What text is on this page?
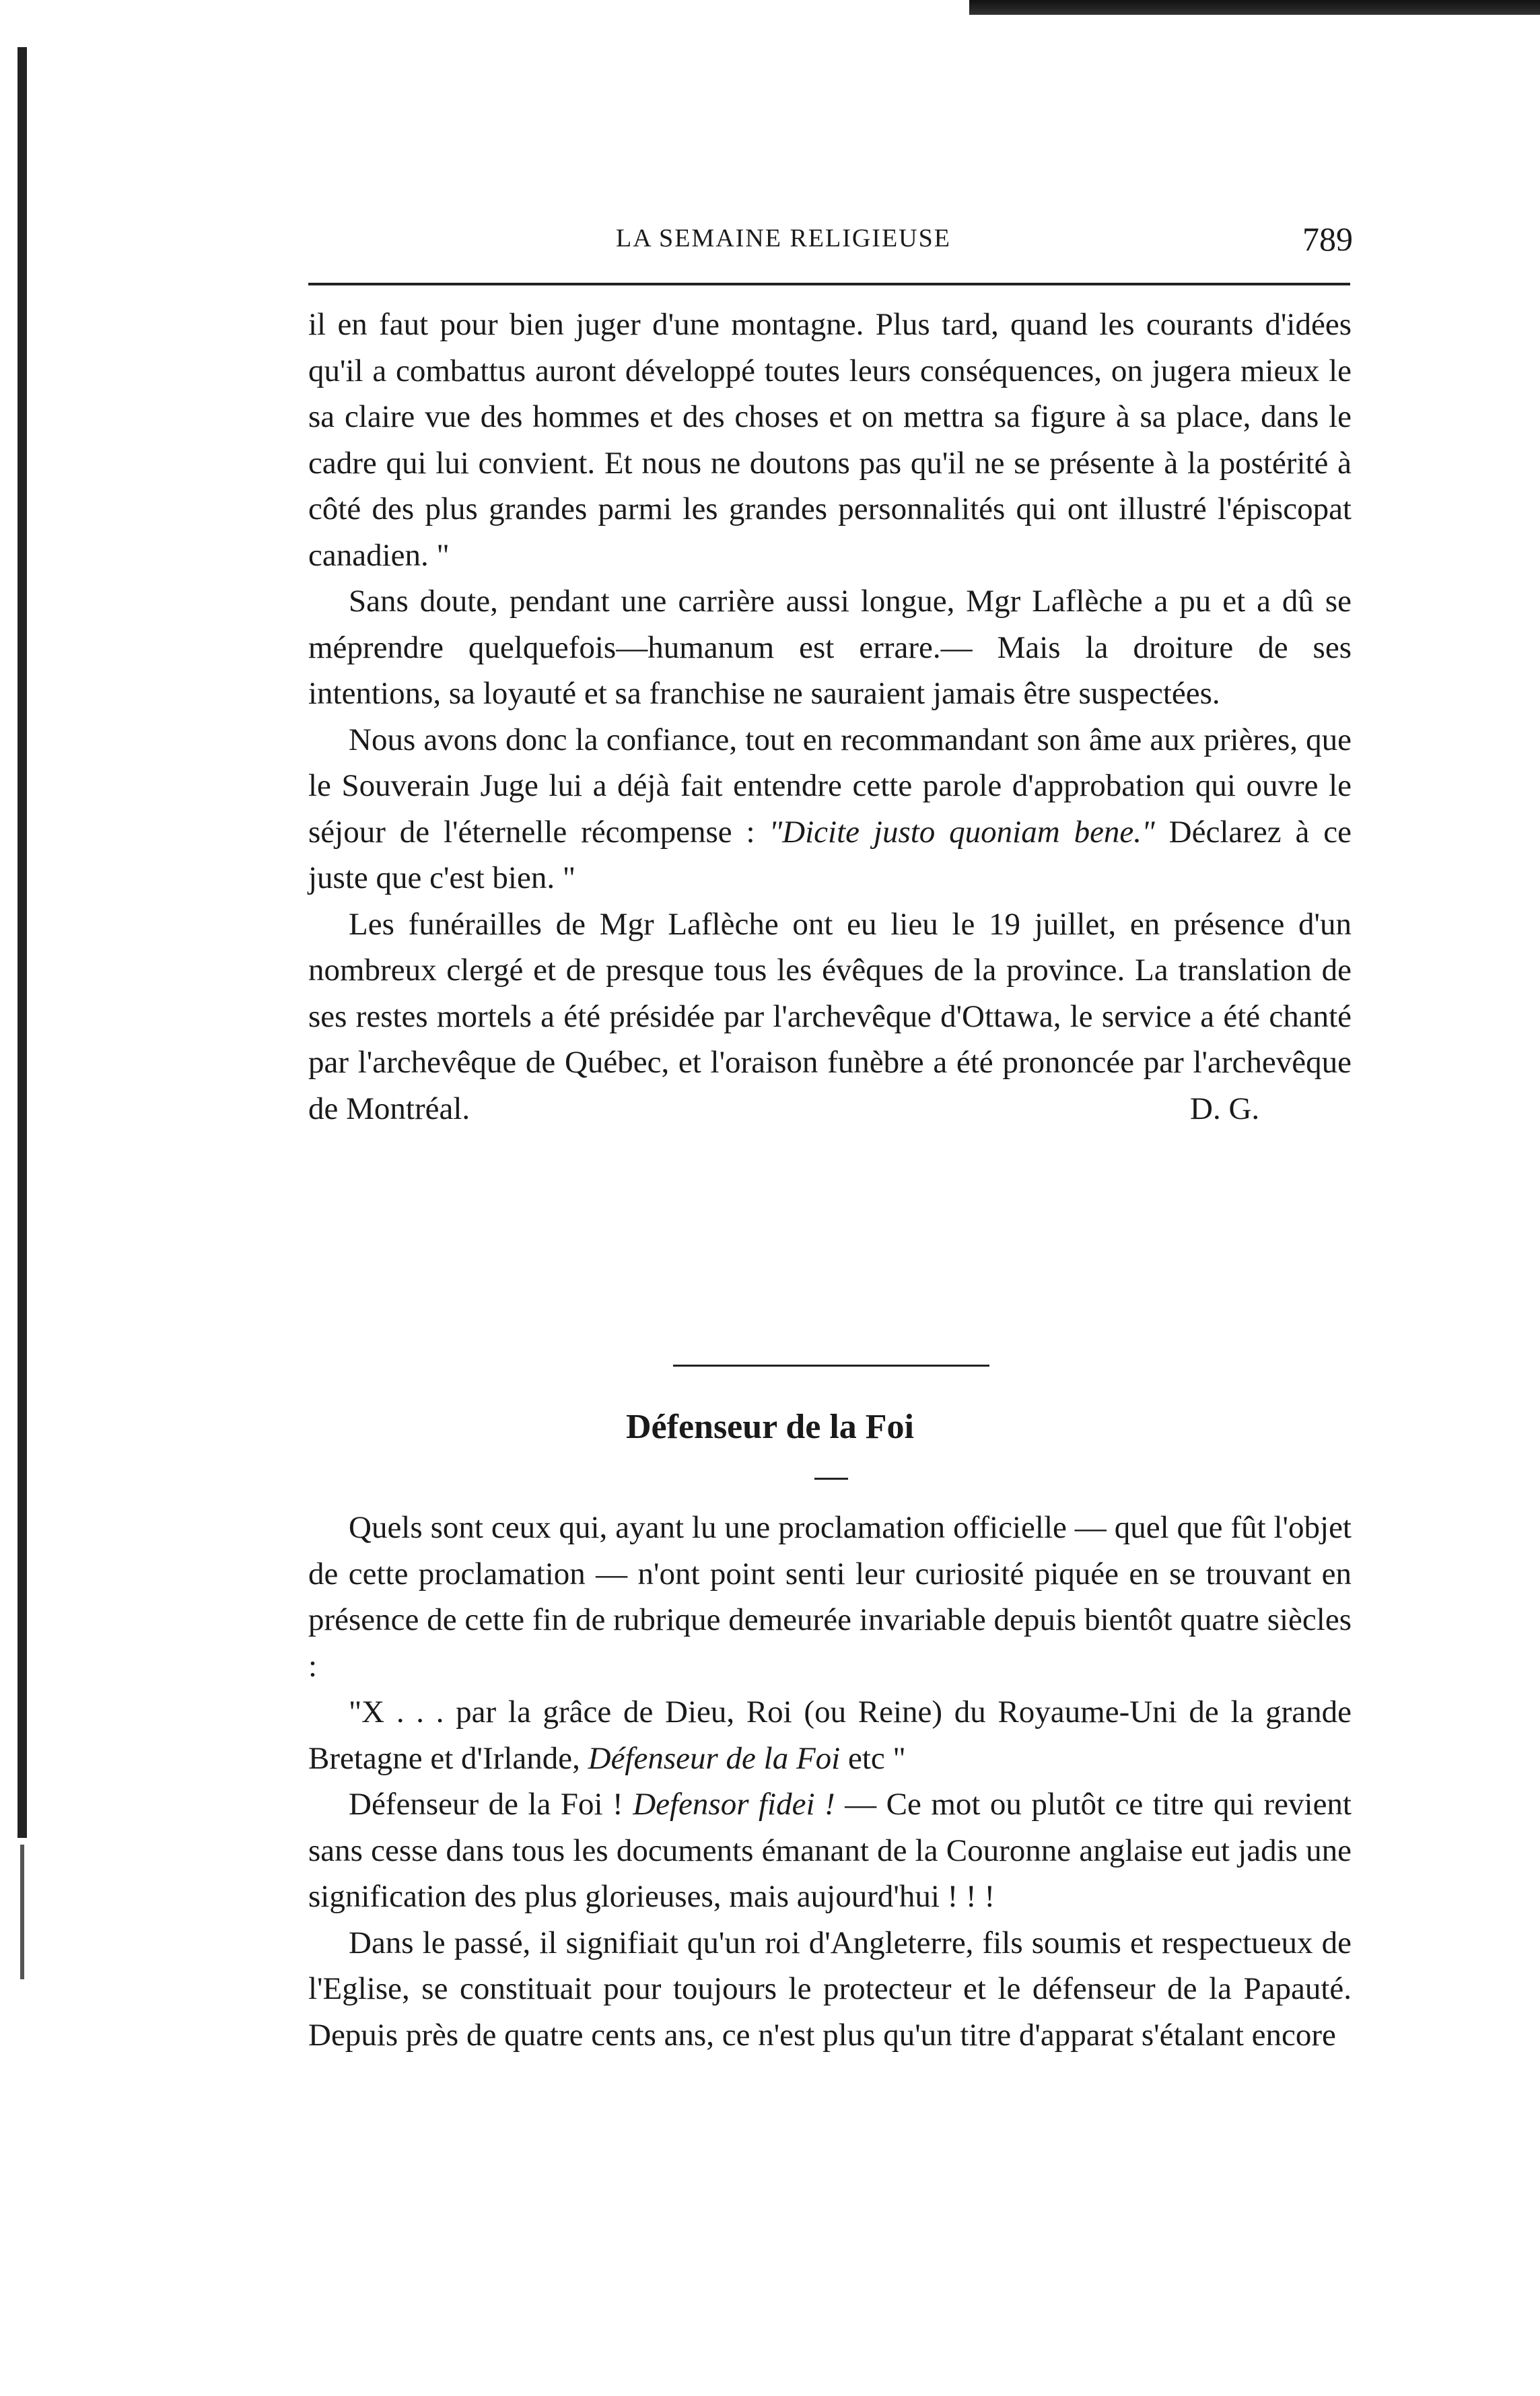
LA SEMAINE RELIGIEUSE	789

il en faut pour bien juger d'une montagne. Plus tard, quand les courants d'idées qu'il a combattus auront développé toutes leurs conséquences, on jugera mieux le sa claire vue des hommes et des choses et on mettra sa figure à sa place, dans le cadre qui lui convient. Et nous ne doutons pas qu'il ne se présente à la postérité à côté des plus grandes parmi les grandes personnalités qui ont illustré l'épiscopat canadien. "

Sans doute, pendant une carrière aussi longue, Mgr Laflèche a pu et a dû se méprendre quelquefois—humanum est errare.— Mais la droiture de ses intentions, sa loyauté et sa franchise ne sauraient jamais être suspectées.

Nous avons donc la confiance, tout en recommandant son âme aux prières, que le Souverain Juge lui a déjà fait entendre cette parole d'approbation qui ouvre le séjour de l'éternelle récompense : "Dicite justo quoniam bene." Déclarez à ce juste que c'est bien. "

Les funérailles de Mgr Laflèche ont eu lieu le 19 juillet, en présence d'un nombreux clergé et de presque tous les évêques de la province. La translation de ses restes mortels a été présidée par l'archevêque d'Ottawa, le service a été chanté par l'archevêque de Québec, et l'oraison funèbre a été prononcée par l'archevêque de Montréal.	D. G.

Défenseur de la Foi

Quels sont ceux qui, ayant lu une proclamation officielle — quel que fût l'objet de cette proclamation — n'ont point senti leur curiosité piquée en se trouvant en présence de cette fin de rubrique demeurée invariable depuis bientôt quatre siècles :

"X . . . par la grâce de Dieu, Roi (ou Reine) du Royaume-Uni de la grande Bretagne et d'Irlande, Défenseur de la Foi etc "

Défenseur de la Foi ! Defensor fidei ! — Ce mot ou plutôt ce titre qui revient sans cesse dans tous les documents émanant de la Couronne anglaise eut jadis une signification des plus glorieuses, mais aujourd'hui ! ! !

Dans le passé, il signifiait qu'un roi d'Angleterre, fils soumis et respectueux de l'Eglise, se constituait pour toujours le protecteur et le défenseur de la Papauté. Depuis près de quatre cents ans, ce n'est plus qu'un titre d'apparat s'étalant encore
